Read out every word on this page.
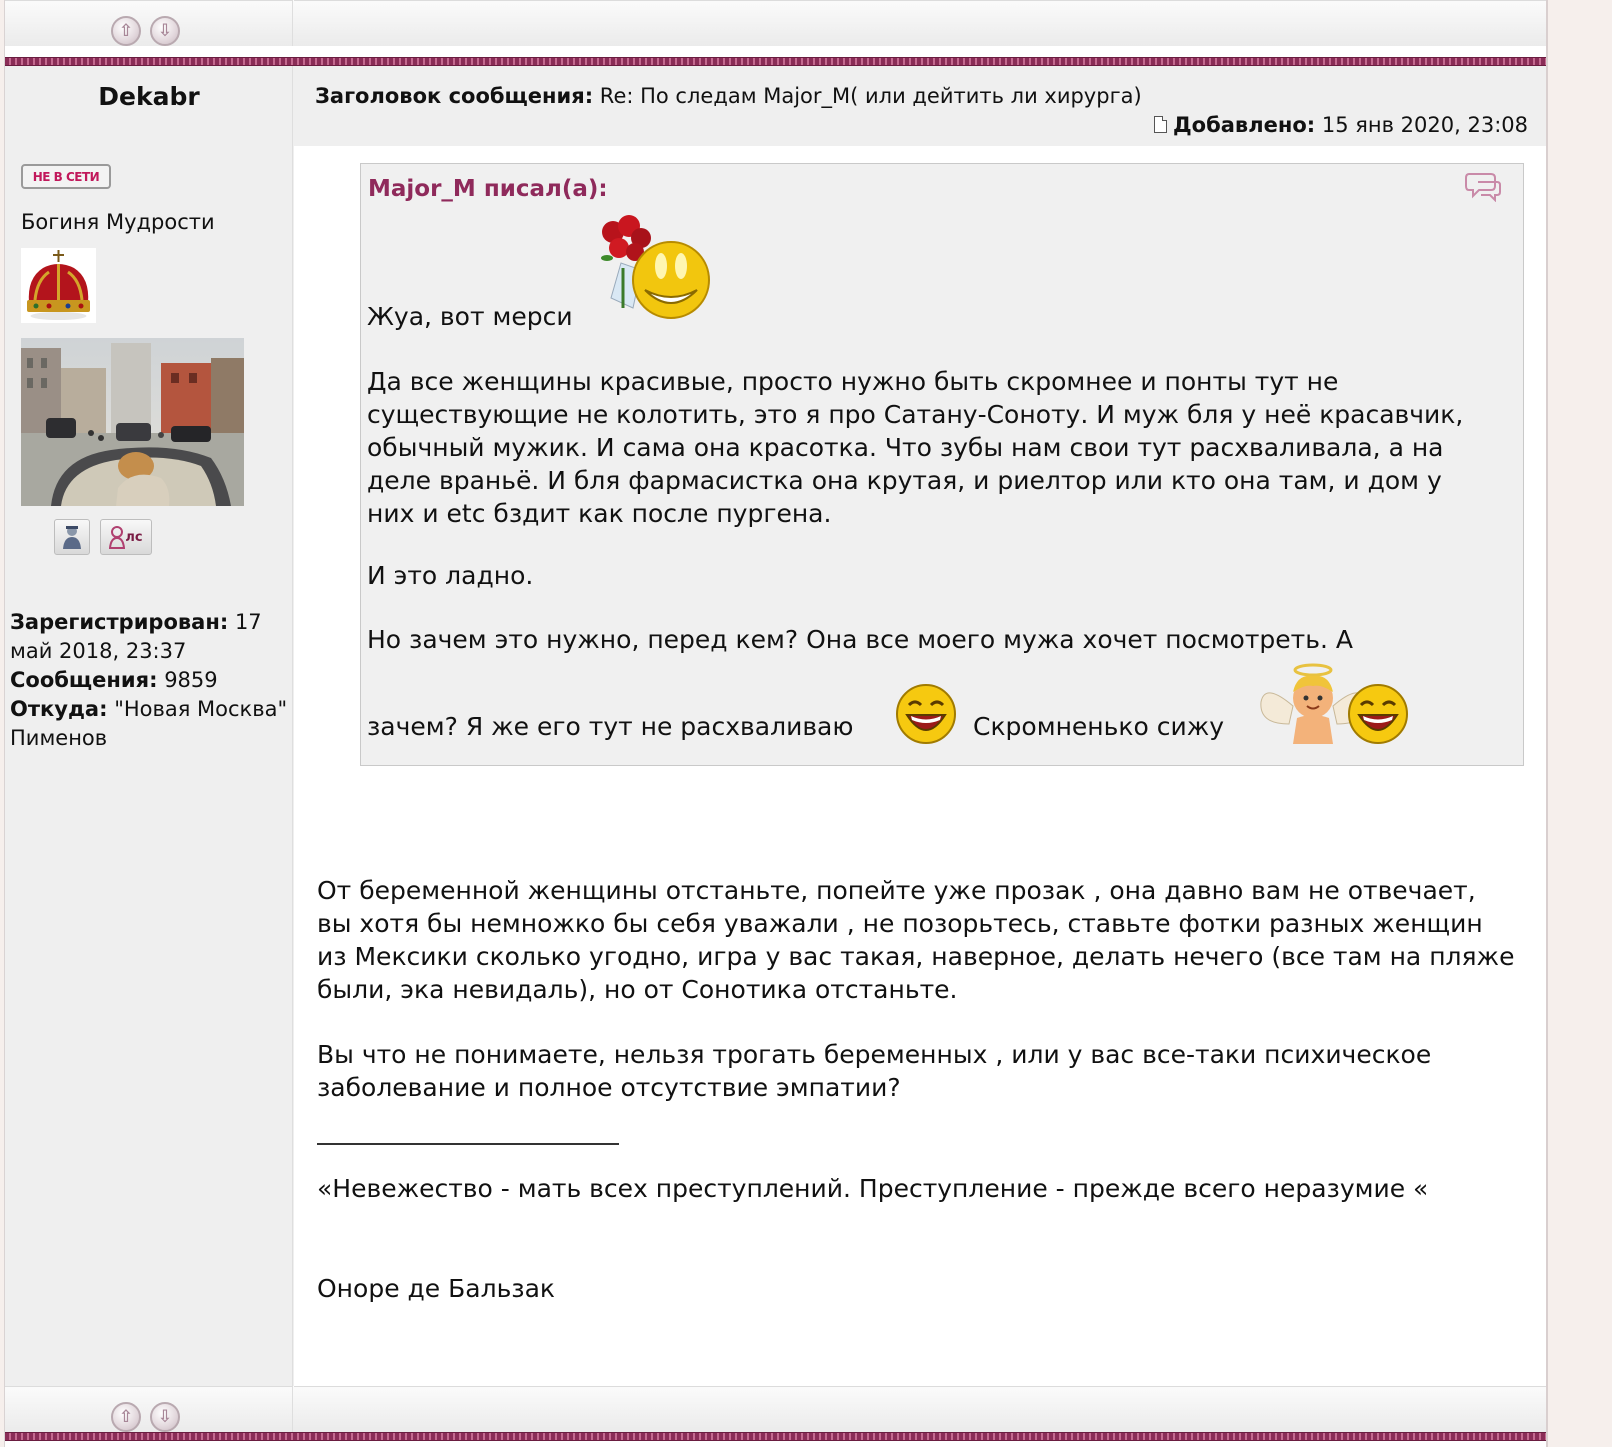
⇧ ⇩
Dekabr	Заголовок сообщения: Re: По следам Major_M( или дейтить ли хирурга)
Добавлено: 15 янв 2020, 23:08
НЕ В СЕТИ
Богиня Мудрости
лс
Зарегистрирован: 17 май 2018, 23:37
Сообщения: 9859
Откуда: "Новая Москва" Пименов
Major_M писал(а):
Жуа, вот мерси
Да все женщины красивые, просто нужно быть скромнее и понты тут не существующие не колотить, это я про Сатану-Соноту. И муж бля у неё красавчик, обычный мужик. И сама она красотка. Что зубы нам свои тут расхваливала, а на деле враньё. И бля фармасистка она крутая, и риелтор или кто она там, и дом у них и etc бздит как после пургена.
И это ладно.
Но зачем это нужно, перед кем? Она все моего мужа хочет посмотреть. А
зачем? Я же его тут не расхваливаю	Скромненько сижу
От беременной женщины отстаньте, попейте уже прозак , она давно вам не отвечает, вы хотя бы немножко бы себя уважали , не позорьтесь, ставьте фотки разных женщин из Мексики сколько угодно, игра у вас такая, наверное, делать нечего (все там на пляже были, эка невидаль), но от Сонотика отстаньте.
Вы что не понимаете, нельзя трогать беременных , или у вас все-таки психическое заболевание и полное отсутствие эмпатии?
«Невежество - мать всех преступлений. Преступление - прежде всего неразумие «
Оноре де Бальзак
⇧ ⇩
